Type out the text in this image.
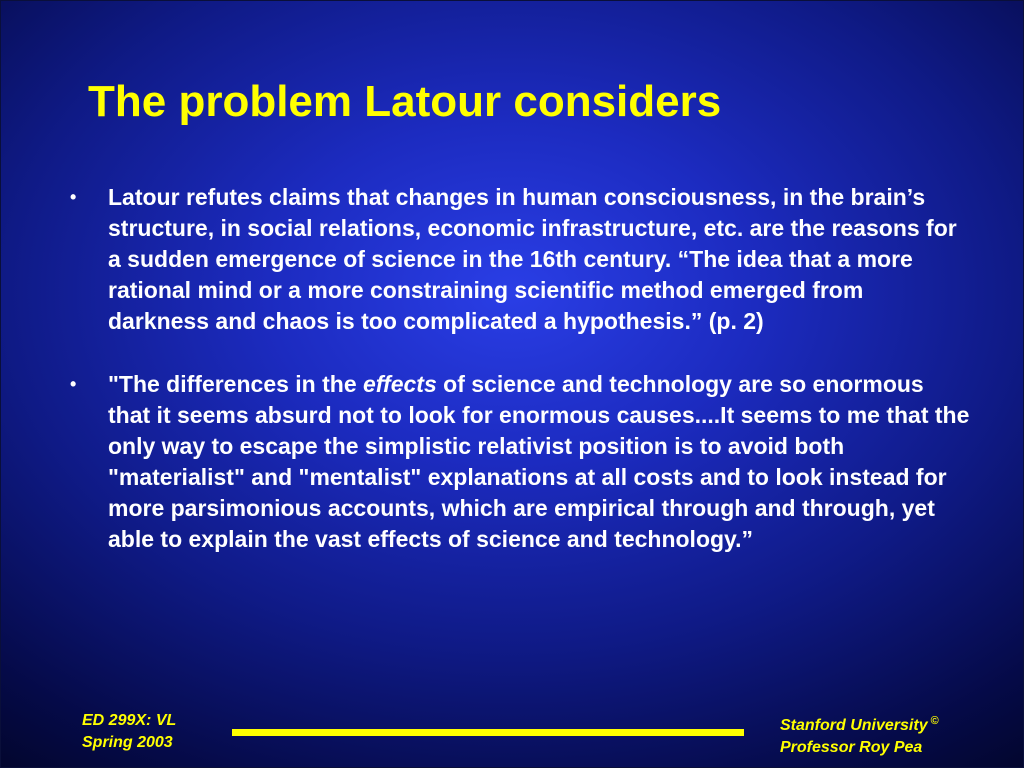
The problem Latour considers
• Latour refutes claims that changes in human consciousness, in the brain’s structure, in social relations, economic infrastructure, etc. are the reasons for a sudden emergence of science in the 16th century. “The idea that a more rational mind or a more constraining scientific method emerged from darkness and chaos is too complicated a hypothesis.” (p. 2)
• "The differences in the effects of science and technology are so enormous that it seems absurd not to look for enormous causes....It seems to me that the only way to escape the simplistic relativist position is to avoid both "materialist" and "mentalist" explanations at all costs and to look instead for more parsimonious accounts, which are empirical through and through, yet able to explain the vast effects of science and technology.”
ED 299X: VL
Spring 2003
Stanford University ©
Professor Roy Pea
